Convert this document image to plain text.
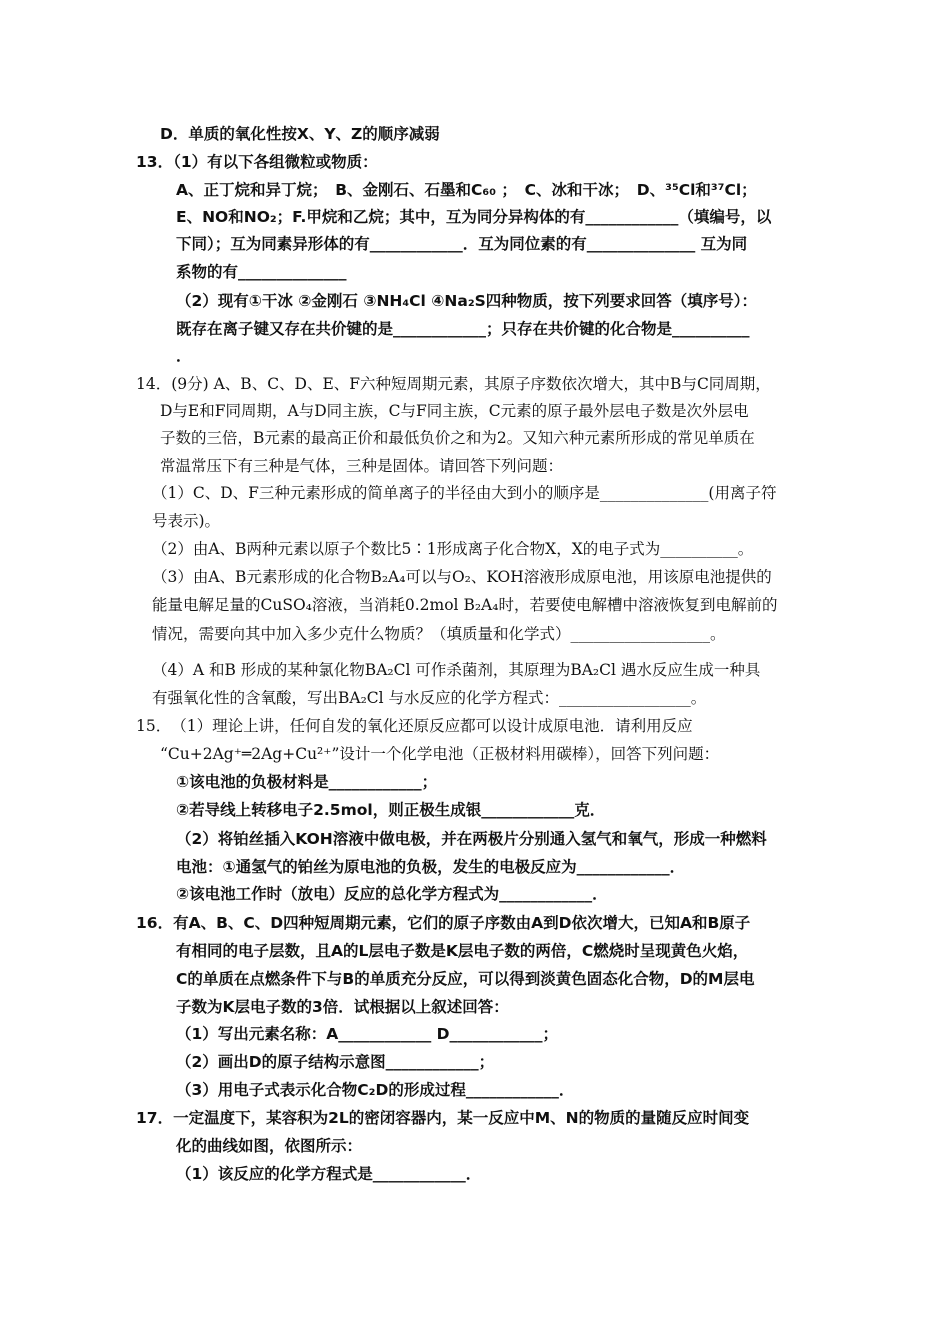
D．单质的氧化性按X、Y、Z的顺序减弱
13．（1）有以下各组微粒或物质：
A、正丁烷和异丁烷；　B、金刚石、石墨和C₆₀ ；　C、冰和干冰；　D、³⁵Cl和³⁷Cl；
E、NO和NO₂；F.甲烷和乙烷；其中，互为同分异构体的有____________（填编号，以
下同）；互为同素异形体的有____________．互为同位素的有______________ 互为同
系物的有______________
（2）现有①干冰 ②金刚石 ③NH₄Cl ④Na₂S四种物质，按下列要求回答（填序号）：
既存在离子键又存在共价键的是____________；只存在共价键的化合物是__________
．
14．(9分) A、B、C、D、E、F六种短周期元素，其原子序数依次增大，其中B与C同周期，
D与E和F同周期，A与D同主族，C与F同主族，C元素的原子最外层电子数是次外层电
子数的三倍，B元素的最高正价和最低负价之和为2。又知六种元素所形成的常见单质在
常温常压下有三种是气体，三种是固体。请回答下列问题：
（1）C、D、F三种元素形成的简单离子的半径由大到小的顺序是______________(用离子符
号表示)。
（2）由A、B两种元素以原子个数比5∶1形成离子化合物X，X的电子式为__________。
（3）由A、B元素形成的化合物B₂A₄可以与O₂、KOH溶液形成原电池，用该原电池提供的
能量电解足量的CuSO₄溶液，当消耗0.2mol B₂A₄时，若要使电解槽中溶液恢复到电解前的
情况，需要向其中加入多少克什么物质？（填质量和化学式）__________________。
（4）A 和B 形成的某种氯化物BA₂Cl 可作杀菌剂，其原理为BA₂Cl 遇水反应生成一种具
有强氧化性的含氧酸，写出BA₂Cl 与水反应的化学方程式：_________________。
15．　（1）理论上讲，任何自发的氧化还原反应都可以设计成原电池．请利用反应
“Cu+2Ag⁺═2Ag+Cu²⁺”设计一个化学电池（正极材料用碳棒），回答下列问题：
①该电池的负极材料是____________；
②若导线上转移电子2.5mol，则正极生成银____________克．
（2）将铂丝插入KOH溶液中做电极，并在两极片分别通入氢气和氧气，形成一种燃料
电池：①通氢气的铂丝为原电池的负极，发生的电极反应为____________．
②该电池工作时（放电）反应的总化学方程式为____________．
16．有A、B、C、D四种短周期元素，它们的原子序数由A到D依次增大，已知A和B原子
有相同的电子层数，且A的L层电子数是K层电子数的两倍，C燃烧时呈现黄色火焰，
C的单质在点燃条件下与B的单质充分反应，可以得到淡黄色固态化合物，D的M层电
子数为K层电子数的3倍．试根据以上叙述回答：
（1）写出元素名称：A____________ D____________；
（2）画出D的原子结构示意图____________；
（3）用电子式表示化合物C₂D的形成过程____________．
17．一定温度下，某容积为2L的密闭容器内，某一反应中M、N的物质的量随反应时间变
化的曲线如图，依图所示：
（1）该反应的化学方程式是____________．
